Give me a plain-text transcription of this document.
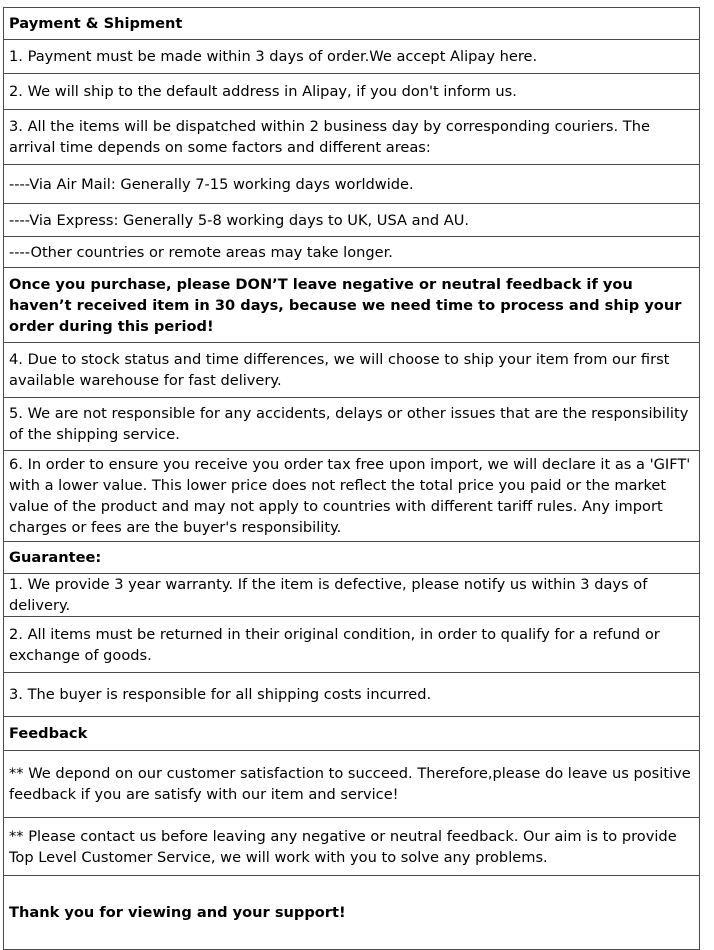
Payment & Shipment
1. Payment must be made within 3 days of order.We accept Alipay here.
2. We will ship to the default address in Alipay, if you don't inform us.
3. All the items will be dispatched within 2 business day by corresponding couriers. The arrival time depends on some factors and different areas:
----Via Air Mail: Generally 7-15 working days worldwide.
----Via Express: Generally 5-8 working days to UK, USA and AU.
----Other countries or remote areas may take longer.
Once you purchase, please DON’T leave negative or neutral feedback if you haven’t received item in 30 days, because we need time to process and ship your order during this period!
4. Due to stock status and time differences, we will choose to ship your item from our first available warehouse for fast delivery.
5. We are not responsible for any accidents, delays or other issues that are the responsibility of the shipping service.
6. In order to ensure you receive you order tax free upon import, we will declare it as a 'GIFT' with a lower value. This lower price does not reflect the total price you paid or the market value of the product and may not apply to countries with different tariff rules. Any import charges or fees are the buyer's responsibility.
Guarantee:
1. We provide 3 year warranty. If the item is defective, please notify us within 3 days of delivery.
2. All items must be returned in their original condition, in order to qualify for a refund or exchange of goods.
3. The buyer is responsible for all shipping costs incurred.
Feedback
** We depond on our customer satisfaction to succeed. Therefore,please do leave us positive feedback if you are satisfy with our item and service!
** Please contact us before leaving any negative or neutral feedback. Our aim is to provide Top Level Customer Service, we will work with you to solve any problems.
Thank you for viewing and your support!
